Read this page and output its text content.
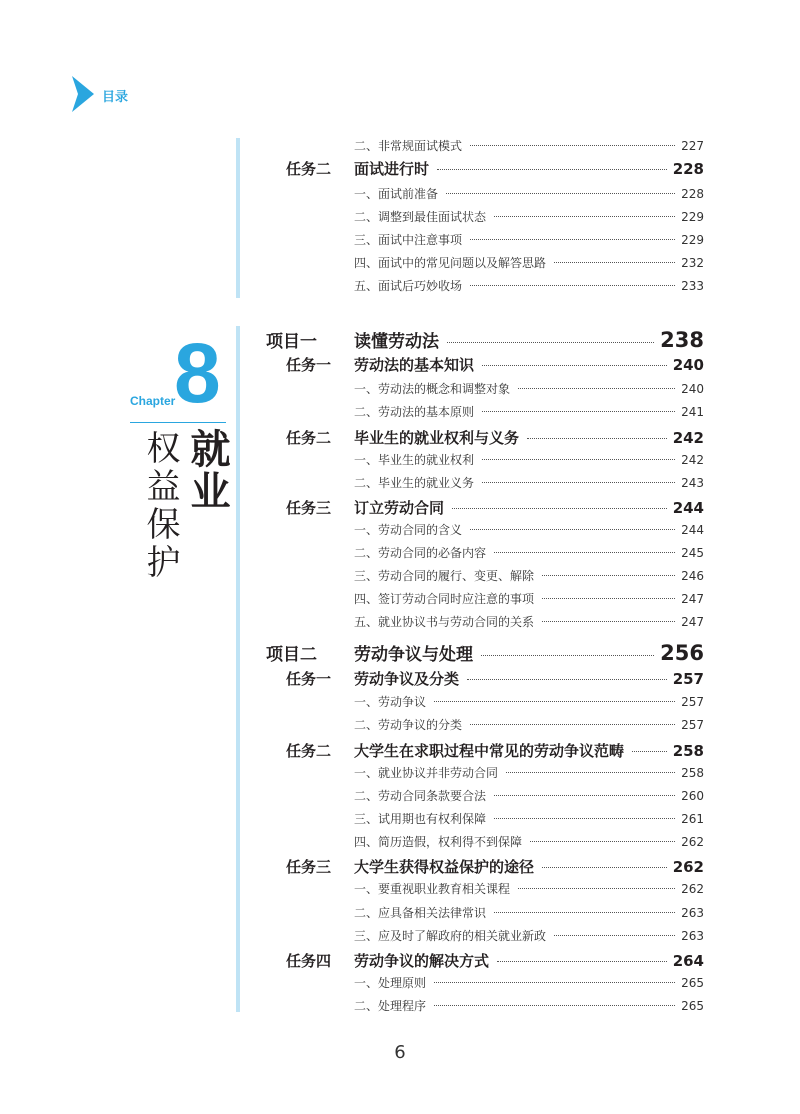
目录
8
Chapter
就业
权益保护
二、非常规面试模式	227
任务二	面试进行时	228
一、面试前准备	228
二、调整到最佳面试状态	229
三、面试中注意事项	229
四、面试中的常见问题以及解答思路	232
五、面试后巧妙收场	233
项目一	读懂劳动法	238
任务一	劳动法的基本知识	240
一、劳动法的概念和调整对象	240
二、劳动法的基本原则	241
任务二	毕业生的就业权利与义务	242
一、毕业生的就业权利	242
二、毕业生的就业义务	243
任务三	订立劳动合同	244
一、劳动合同的含义	244
二、劳动合同的必备内容	245
三、劳动合同的履行、变更、解除	246
四、签订劳动合同时应注意的事项	247
五、就业协议书与劳动合同的关系	247
项目二	劳动争议与处理	256
任务一	劳动争议及分类	257
一、劳动争议	257
二、劳动争议的分类	257
任务二	大学生在求职过程中常见的劳动争议范畴	258
一、就业协议并非劳动合同	258
二、劳动合同条款要合法	260
三、试用期也有权利保障	261
四、简历造假，权利得不到保障	262
任务三	大学生获得权益保护的途径	262
一、要重视职业教育相关课程	262
二、应具备相关法律常识	263
三、应及时了解政府的相关就业新政	263
任务四	劳动争议的解决方式	264
一、处理原则	265
二、处理程序	265
6
